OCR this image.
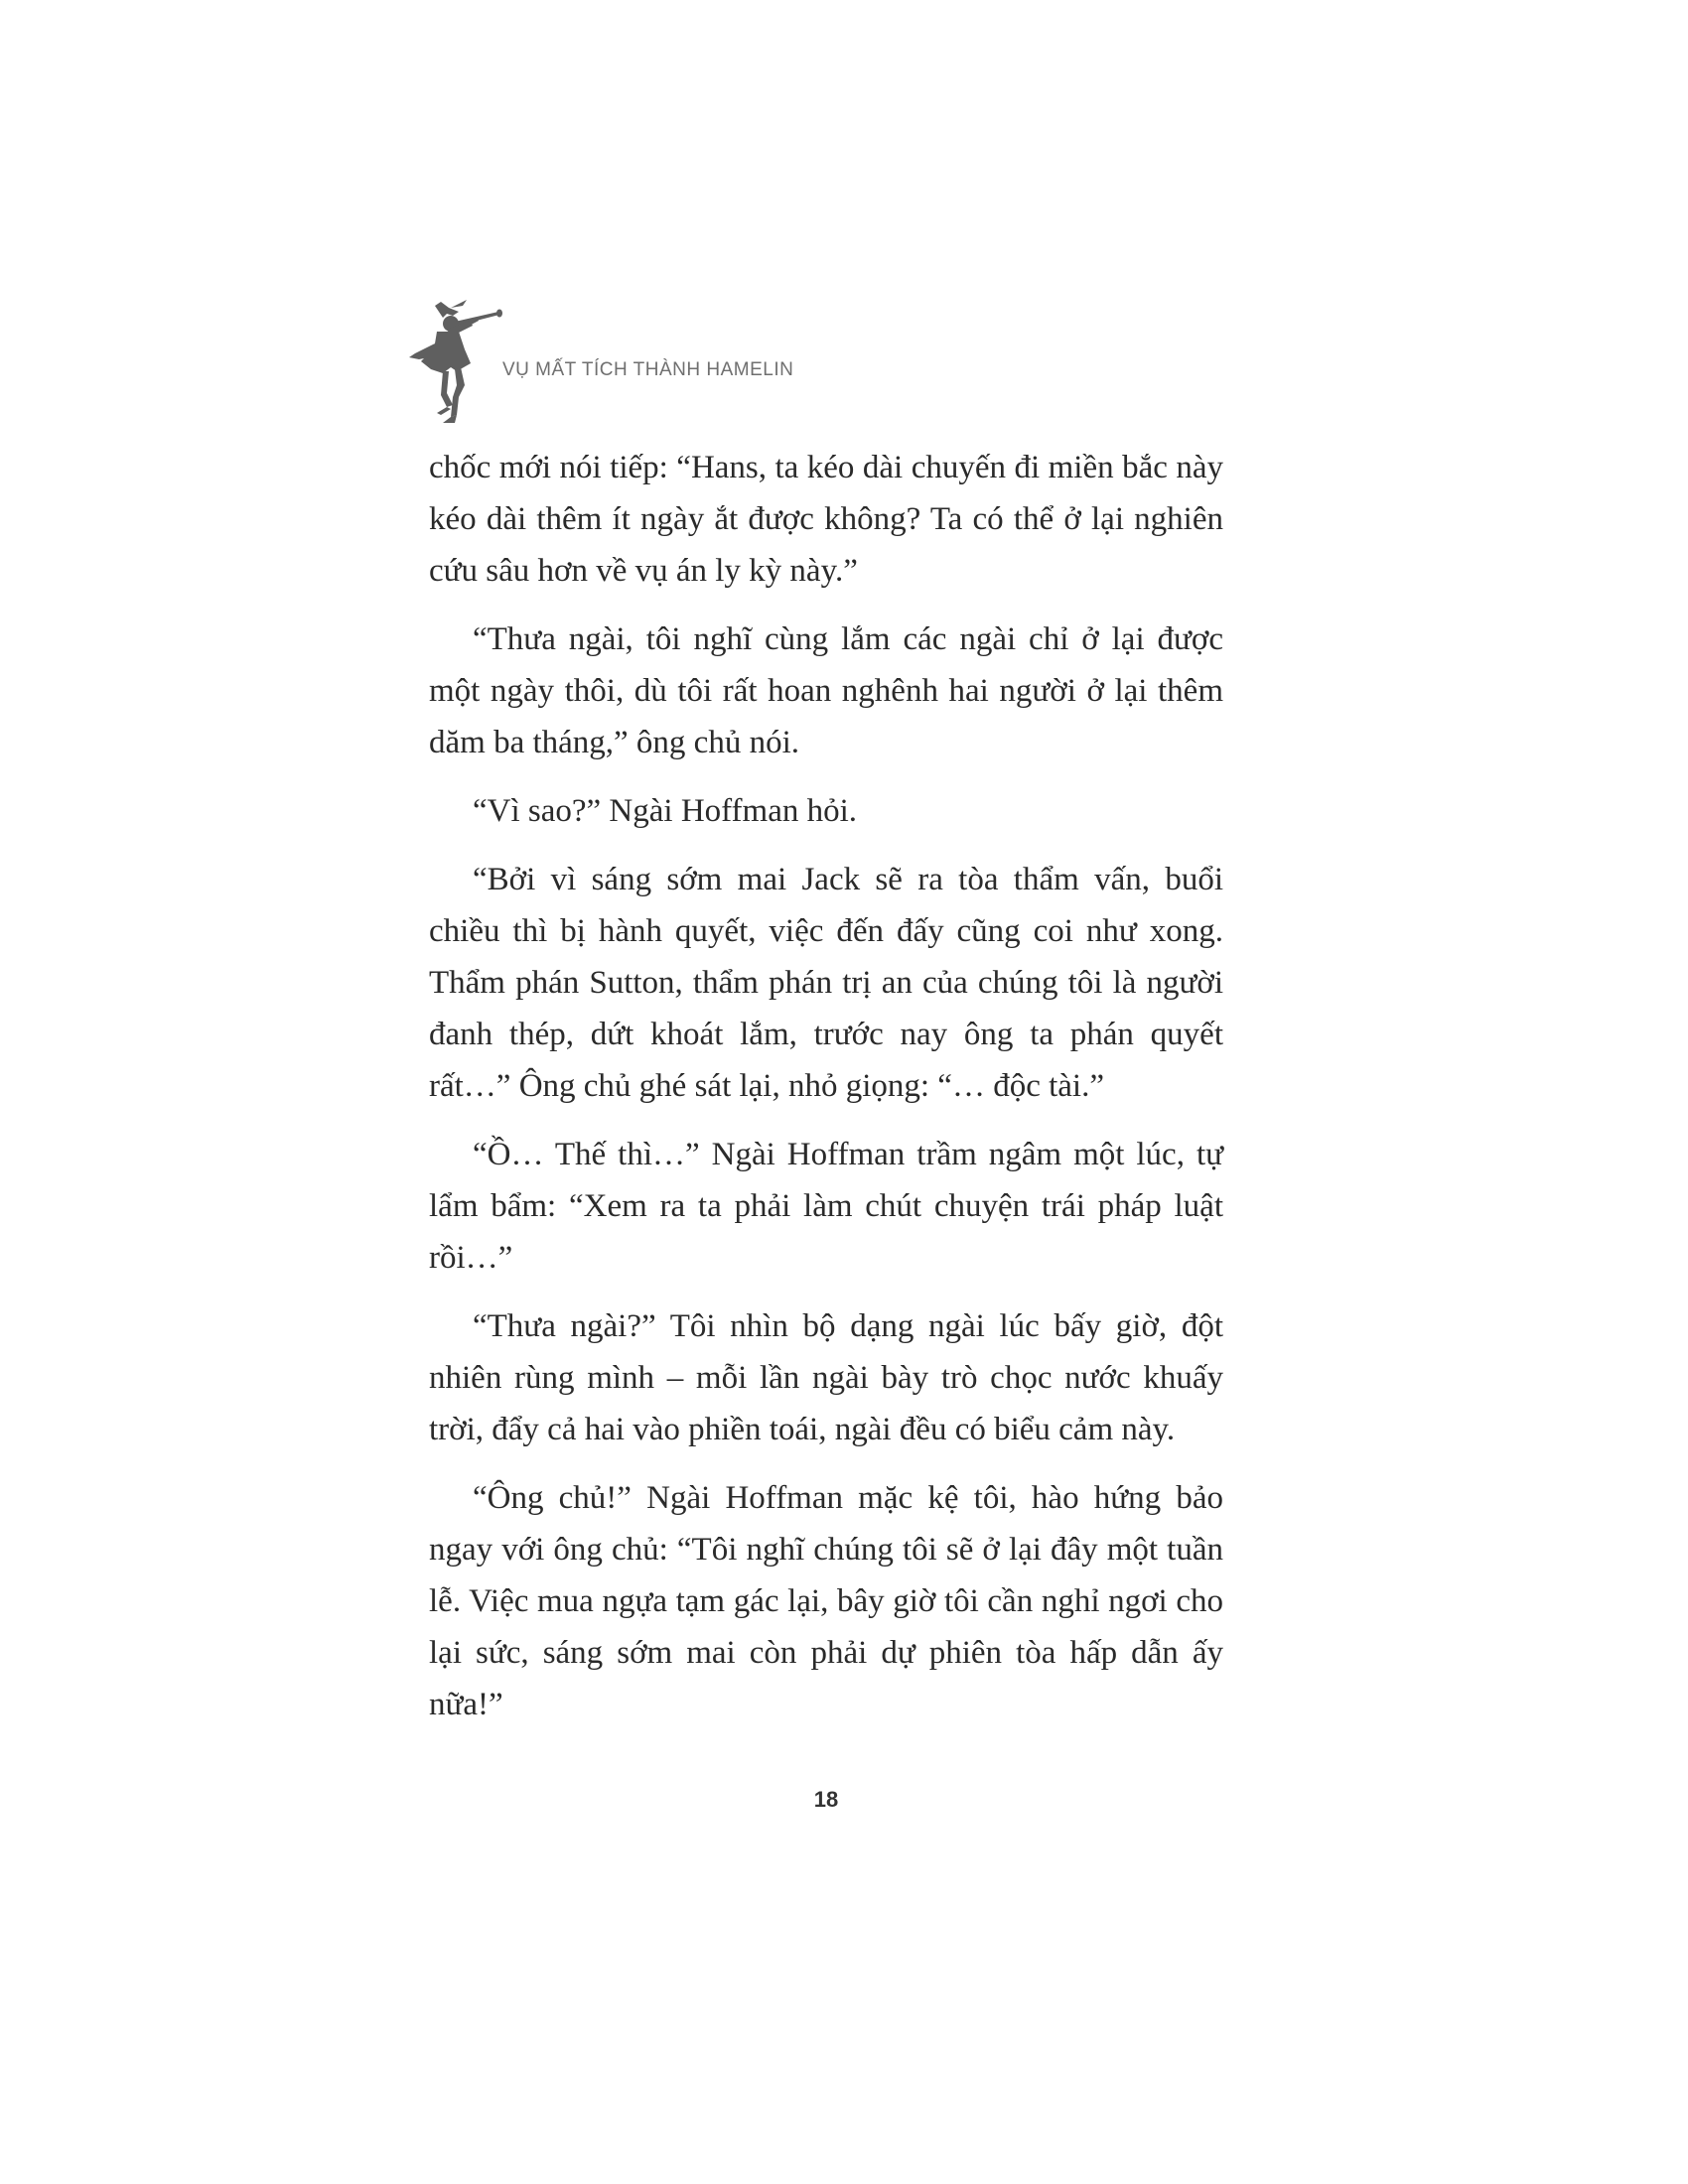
VỤ MẤT TÍCH THÀNH HAMELIN

chốc mới nói tiếp: “Hans, ta kéo dài chuyến đi miền bắc này kéo dài thêm ít ngày ắt được không? Ta có thể ở lại nghiên cứu sâu hơn về vụ án ly kỳ này.”

“Thưa ngài, tôi nghĩ cùng lắm các ngài chỉ ở lại được một ngày thôi, dù tôi rất hoan nghênh hai người ở lại thêm dăm ba tháng,” ông chủ nói.

“Vì sao?” Ngài Hoffman hỏi.

“Bởi vì sáng sớm mai Jack sẽ ra tòa thẩm vấn, buổi chiều thì bị hành quyết, việc đến đấy cũng coi như xong. Thẩm phán Sutton, thẩm phán trị an của chúng tôi là người đanh thép, dứt khoát lắm, trước nay ông ta phán quyết rất…” Ông chủ ghé sát lại, nhỏ giọng: “… độc tài.”

“Ồ… Thế thì…” Ngài Hoffman trầm ngâm một lúc, tự lẩm bẩm: “Xem ra ta phải làm chút chuyện trái pháp luật rồi…”

“Thưa ngài?” Tôi nhìn bộ dạng ngài lúc bấy giờ, đột nhiên rùng mình – mỗi lần ngài bày trò chọc nước khuấy trời, đẩy cả hai vào phiền toái, ngài đều có biểu cảm này.

“Ông chủ!” Ngài Hoffman mặc kệ tôi, hào hứng bảo ngay với ông chủ: “Tôi nghĩ chúng tôi sẽ ở lại đây một tuần lễ. Việc mua ngựa tạm gác lại, bây giờ tôi cần nghỉ ngơi cho lại sức, sáng sớm mai còn phải dự phiên tòa hấp dẫn ấy nữa!”

18
